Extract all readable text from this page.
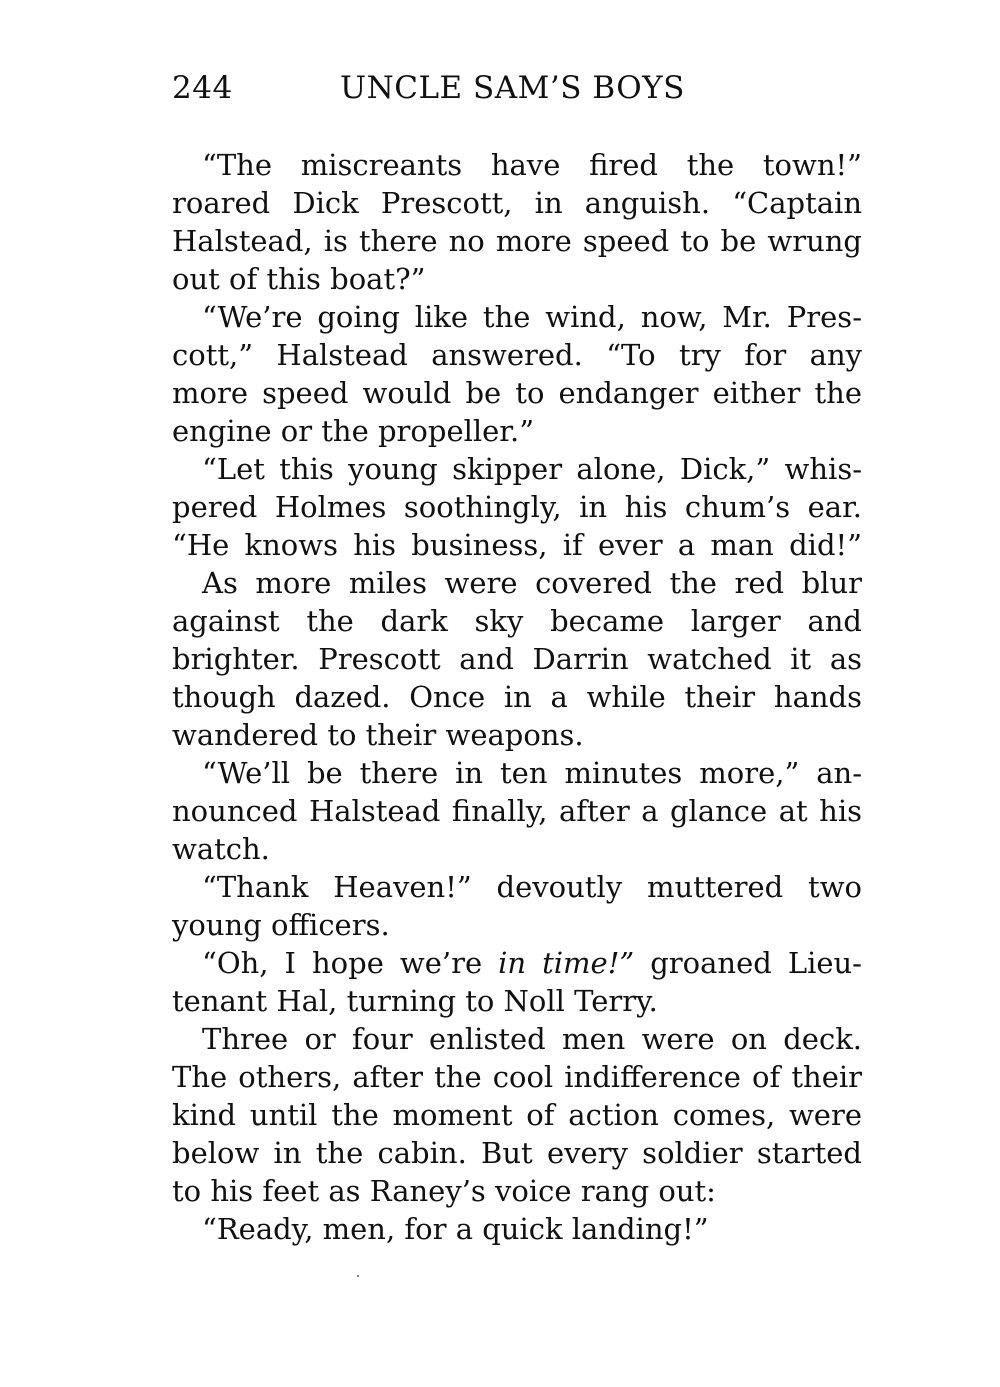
244	UNCLE SAM’S BOYS
“The miscreants have fired the town!”
roared Dick Prescott, in anguish. “Captain
Halstead, is there no more speed to be wrung
out of this boat?”
“We’re going like the wind, now, Mr. Pres-
cott,” Halstead answered. “To try for any
more speed would be to endanger either the
engine or the propeller.”
“Let this young skipper alone, Dick,” whis-
pered Holmes soothingly, in his chum’s ear.
“He knows his business, if ever a man did!”
As more miles were covered the red blur
against the dark sky became larger and
brighter. Prescott and Darrin watched it as
though dazed. Once in a while their hands
wandered to their weapons.
“We’ll be there in ten minutes more,” an-
nounced Halstead finally, after a glance at his
watch.
“Thank Heaven!” devoutly muttered two
young officers.
“Oh, I hope we’re in time!” groaned Lieu-
tenant Hal, turning to Noll Terry.
Three or four enlisted men were on deck.
The others, after the cool indifference of their
kind until the moment of action comes, were
below in the cabin. But every soldier started
to his feet as Raney’s voice rang out:
“Ready, men, for a quick landing!”
